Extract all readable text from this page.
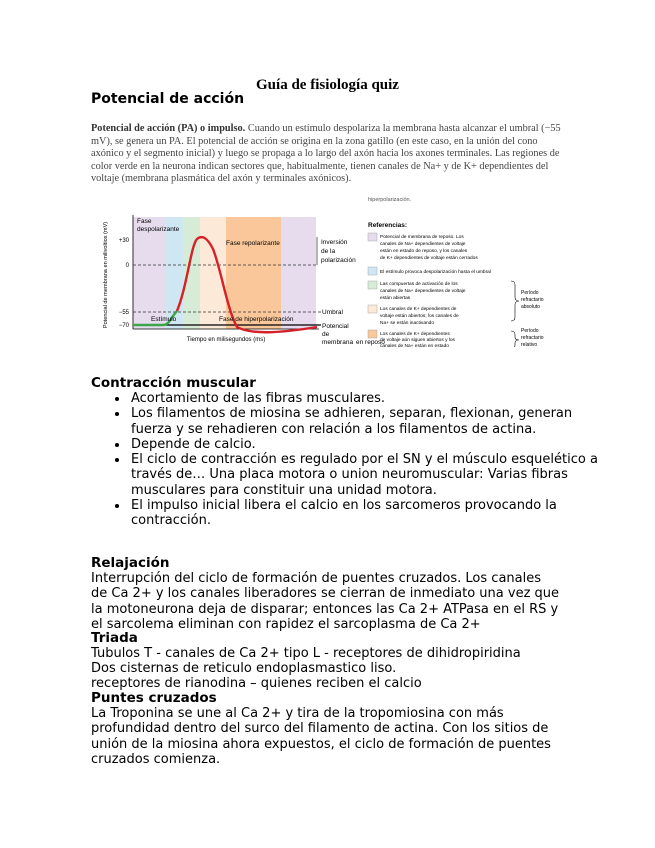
Guía de fisiología quiz
Potencial de acción
Potencial de acción (PA) o impulso. Cuando un estímulo despolariza la membrana hasta alcanzar el umbral (−55 mV), se genera un PA. El potencial de acción se origina en la zona gatillo (en este caso, en la unión del cono axónico y el segmento inicial) y luego se propaga a lo largo del axón hacia los axones terminales. Las regiones de color verde en la neurona indican sectores que, habitualmente, tienen canales de Na+ y de K+ dependientes del voltaje (membrana plasmática del axón y terminales axónicos).
+30
0
−55
−70
Potencial de membrana en milivoltios (mV)
Tiempo en milisegundos (ms)
Fase
despolarizante
Fase repolarizante
Fase de hiperpolarización
Estímulo
Inversión
de la
polarización
Umbral
Potencial
de
membrana en reposo
hiperpolarización.
Referencias:
Potencial de membrana de reposo. Los
canales de Na+ dependientes de voltaje
están en estado de reposo, y los canales
de K+ dependientes de voltaje están cerrados
El estímulo provoca despolarización hasta el umbral
Las compuertas de activación de los
canales de Na+ dependientes de voltaje
están abiertas
Los canales de K+ dependientes de
voltaje están abiertos; los canales de
Na+ se están inactivando
Los canales de K+ dependientes
de voltaje aún siguen abiertos y los
canales de Na+ están en estado
Período
refractario
absoluto
Período
refractario
relativo
Contracción muscular
• Acortamiento de las fibras musculares.
• Los filamentos de miosina se adhieren, separan, flexionan, generan fuerza y se rehadieren con relación a los filamentos de actina.
• Depende de calcio.
• El ciclo de contracción es regulado por el SN y el músculo esquelético a través de… Una placa motora o union neuromuscular: Varias fibras musculares para constituir una unidad motora.
• El impulso inicial libera el calcio en los sarcomeros provocando la contracción.
Relajación
Interrupción del ciclo de formación de puentes cruzados. Los canales de Ca 2+ y los canales liberadores se cierran de inmediato una vez que la motoneurona deja de disparar; entonces las Ca 2+ ATPasa en el RS y el sarcolema eliminan con rapidez el sarcoplasma de Ca 2+
Triada
Tubulos T - canales de Ca 2+ tipo L - receptores de dihidropiridina
Dos cisternas de reticulo endoplasmastico liso.
receptores de rianodina – quienes reciben el calcio
Puntes cruzados
La Troponina se une al Ca 2+ y tira de la tropomiosina con más profundidad dentro del surco del filamento de actina. Con los sitios de unión de la miosina ahora expuestos, el ciclo de formación de puentes cruzados comienza.
